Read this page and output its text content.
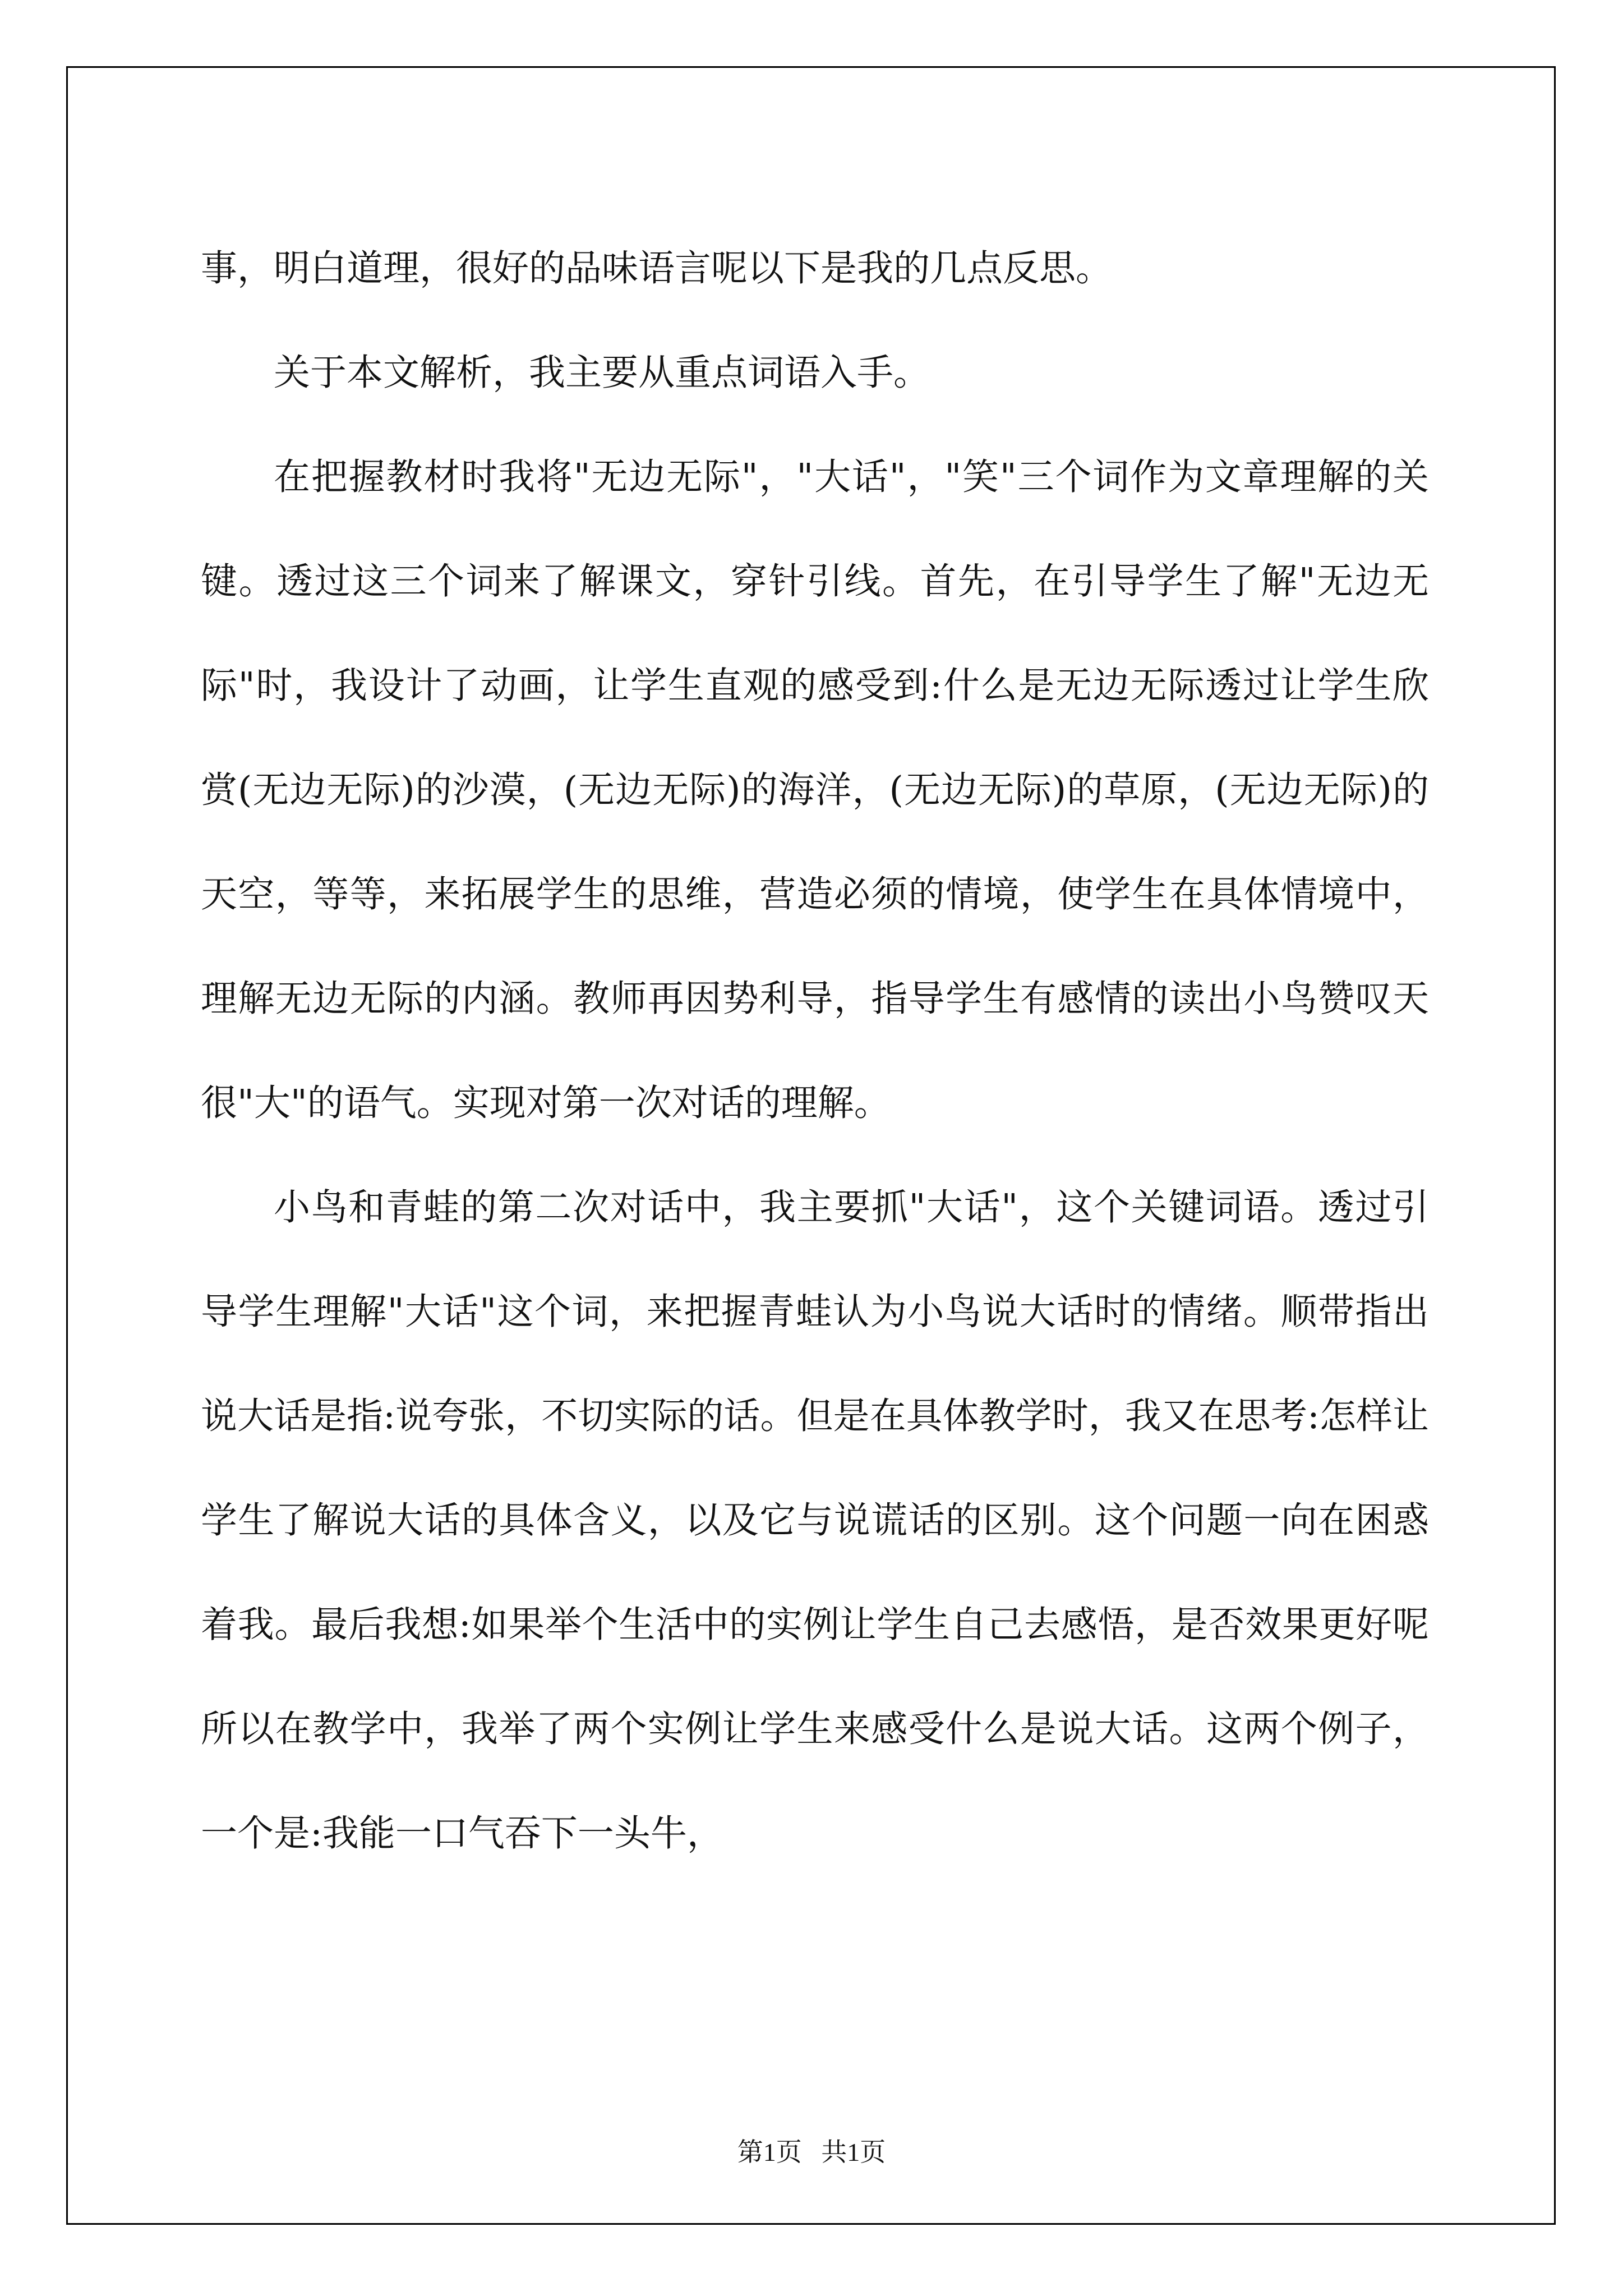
事，明白道理，很好的品味语言呢以下是我的几点反思。

关于本文解析，我主要从重点词语入手。

在把握教材时我将"无边无际"，"大话"，"笑"三个词作为文章理解的关键。透过这三个词来了解课文，穿针引线。首先，在引导学生了解"无边无际"时，我设计了动画，让学生直观的感受到:什么是无边无际透过让学生欣赏(无边无际)的沙漠，(无边无际)的海洋，(无边无际)的草原，(无边无际)的天空，等等，来拓展学生的思维，营造必须的情境，使学生在具体情境中，理解无边无际的内涵。教师再因势利导，指导学生有感情的读出小鸟赞叹天很"大"的语气。实现对第一次对话的理解。

小鸟和青蛙的第二次对话中，我主要抓"大话"，这个关键词语。透过引导学生理解"大话"这个词，来把握青蛙认为小鸟说大话时的情绪。顺带指出说大话是指:说夸张，不切实际的话。但是在具体教学时，我又在思考:怎样让学生了解说大话的具体含义，以及它与说谎话的区别。这个问题一向在困惑着我。最后我想:如果举个生活中的实例让学生自己去感悟，是否效果更好呢所以在教学中，我举了两个实例让学生来感受什么是说大话。这两个例子，一个是:我能一口气吞下一头牛，

第1页   共1页
